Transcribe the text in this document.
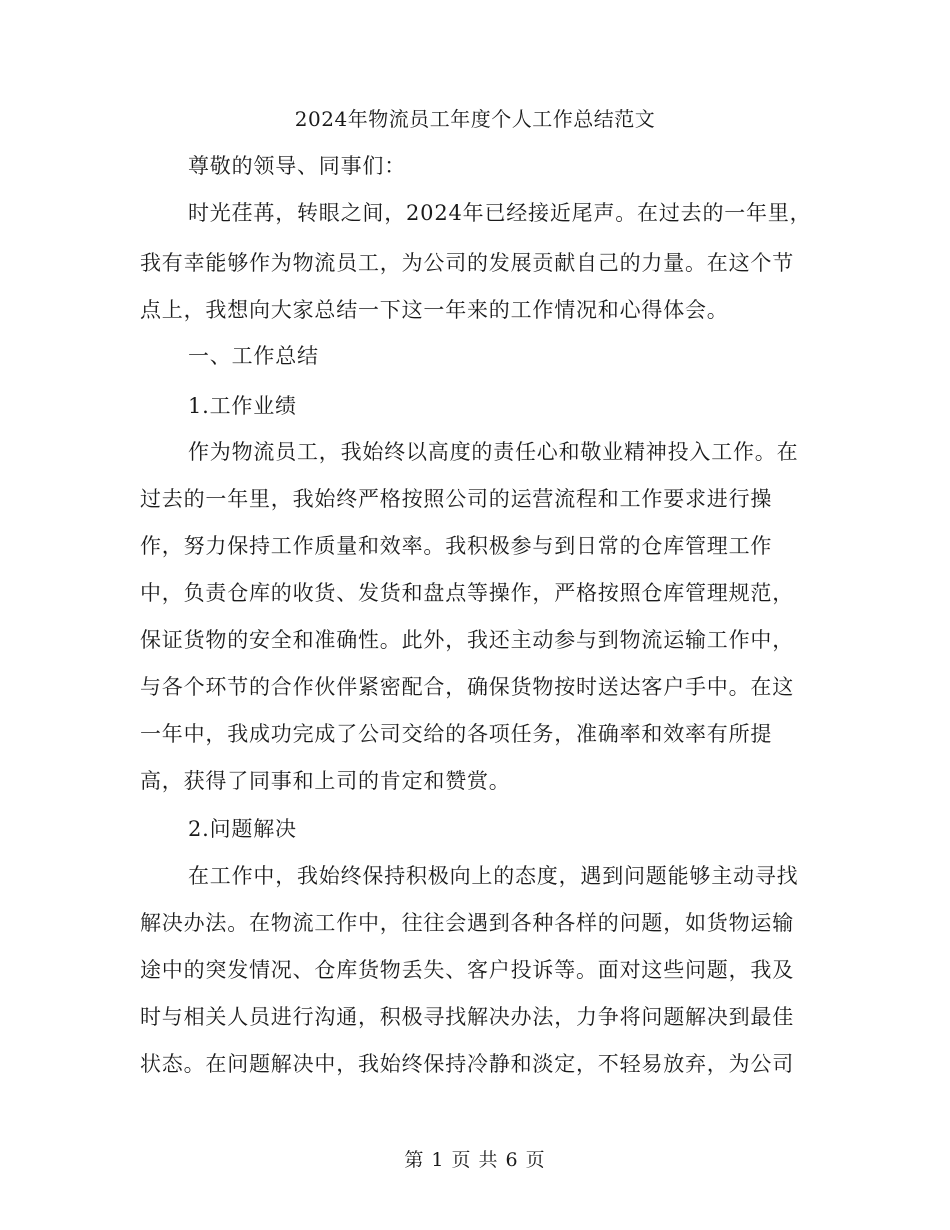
2024年物流员工年度个人工作总结范文
尊敬的领导、同事们：
时光荏苒，转眼之间，2024年已经接近尾声。在过去的一年里，
我有幸能够作为物流员工，为公司的发展贡献自己的力量。在这个节
点上，我想向大家总结一下这一年来的工作情况和心得体会。
一、工作总结
1.工作业绩
作为物流员工，我始终以高度的责任心和敬业精神投入工作。在
过去的一年里，我始终严格按照公司的运营流程和工作要求进行操
作，努力保持工作质量和效率。我积极参与到日常的仓库管理工作
中，负责仓库的收货、发货和盘点等操作，严格按照仓库管理规范，
保证货物的安全和准确性。此外，我还主动参与到物流运输工作中，
与各个环节的合作伙伴紧密配合，确保货物按时送达客户手中。在这
一年中，我成功完成了公司交给的各项任务，准确率和效率有所提
高，获得了同事和上司的肯定和赞赏。
2.问题解决
在工作中，我始终保持积极向上的态度，遇到问题能够主动寻找
解决办法。在物流工作中，往往会遇到各种各样的问题，如货物运输
途中的突发情况、仓库货物丢失、客户投诉等。面对这些问题，我及
时与相关人员进行沟通，积极寻找解决办法，力争将问题解决到最佳
状态。在问题解决中，我始终保持冷静和淡定，不轻易放弃，为公司
第 1 页 共 6 页
